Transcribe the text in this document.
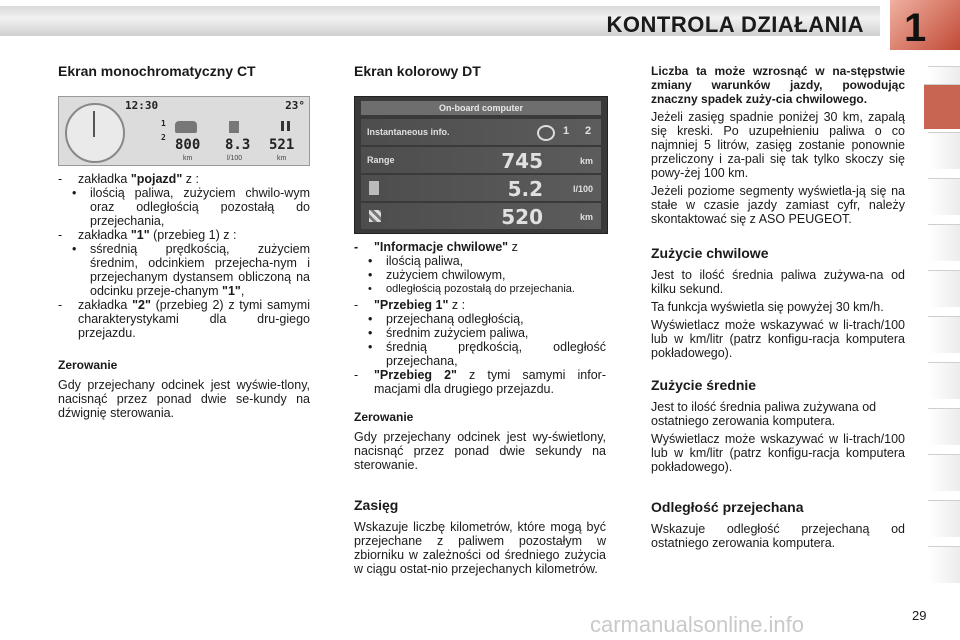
KONTROLA DZIAŁANIA 1
Ekran monochromatyczny CT
12:30	23°
1
2 800 8.3 521
km	l/100	km
- zakładka "pojazd" z :
• ilością paliwa, zużyciem chwilo-wym oraz odległością pozostałą do przejechania,
- zakładka "1" (przebieg 1) z :
• sśrednią prędkością, zużyciem średnim, odcinkiem przejecha-nym i przejechanym dystansem obliczoną na odcinku przeje-chanym "1",
- zakładka "2" (przebieg 2) z tymi samymi charakterystykami dla dru-giego przejazdu.
Zerowanie

Gdy przejechany odcinek jest wyświe-tlony, nacisnąć przez ponad dwie se-kundy na dźwignię sterowania.

Ekran kolorowy DT
On-board computer
Instantaneous info.	1 2
Range	745	km
5.2	l/100
520	km
- "Informacje chwilowe" z
• ilością paliwa,
• zużyciem chwilowym,
• odległością pozostałą do przejechania.
- "Przebieg 1" z :
• przejechaną odległością,
• średnim zużyciem paliwa,
• średnią prędkością, odległość przejechana,
- "Przebieg 2" z tymi samymi infor-macjami dla drugiego przejazdu.
Zerowanie

Gdy przejechany odcinek jest wy-świetlony, nacisnąć przez ponad dwie sekundy na sterowanie.

Zasięg

Wskazuje liczbę kilometrów, które mogą być przejechane z paliwem pozostałym w zbiorniku w zależności od średniego zużycia w ciągu ostat-nio przejechanych kilometrów.

Liczba ta może wzrosnąć w na-stępstwie zmiany warunków jazdy, powodując znaczny spadek zuży-cia chwilowego.

Jeżeli zasięg spadnie poniżej 30 km, zapalą się kreski. Po uzupełnieniu paliwa o co najmniej 5 litrów, zasięg zostanie ponownie przeliczony i za-pali się tak tylko skoczy się powy-żej 100 km.

Jeżeli poziome segmenty wyświetla-ją się na stałe w czasie jazdy zamiast cyfr, należy skontaktować się z ASO PEUGEOT.

Zużycie chwilowe

Jest to ilość średnia paliwa zużywa-na od kilku sekund.

Ta funkcja wyświetla się powyżej 30 km/h.

Wyświetlacz może wskazywać w li-trach/100 lub w km/litr (patrz konfigu-racja komputera pokładowego).

Zużycie średnie

Jest to ilość średnia paliwa zużywana od ostatniego zerowania komputera.

Wyświetlacz może wskazywać w li-trach/100 lub w km/litr (patrz konfigu-racja komputera pokładowego).

Odległość przejechana

Wskazuje odległość przejechaną od ostatniego zerowania komputera.

carmanualsonline.info	29
